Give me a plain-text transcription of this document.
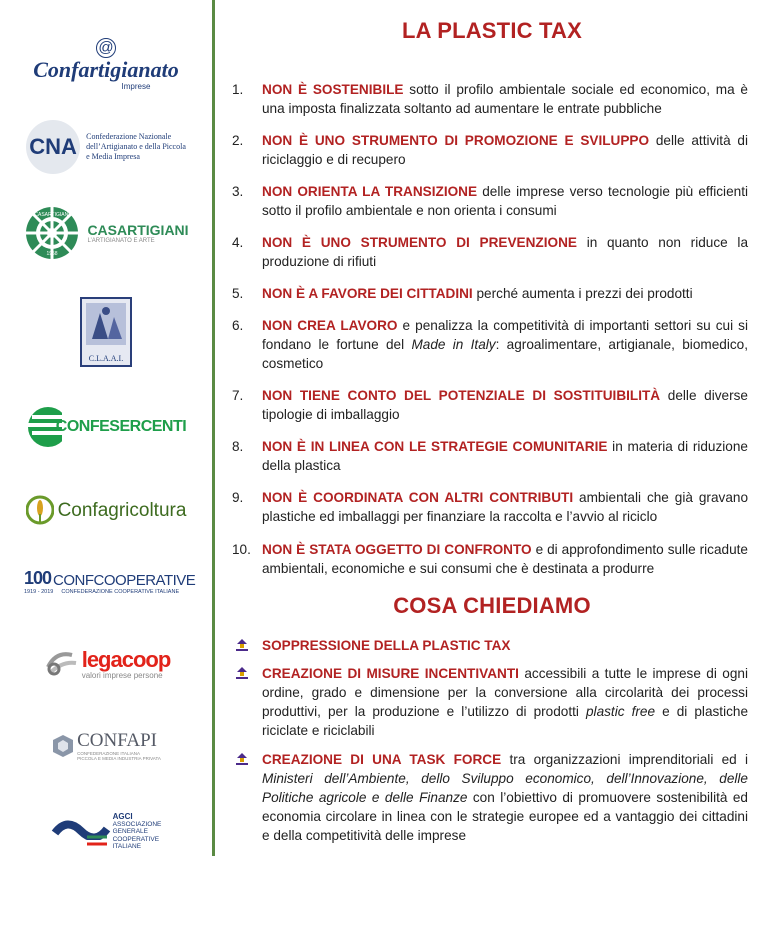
@
Confartigianato
Imprese
CNA Confederazione Nazionale
dell’Artigianato e della Piccola
e Media Impresa
CASARTIGIANI
1958
CASARTIGIANI
L’ARTIGIANATO E ARTE
C.L.A.A.I.
CONFESERCENTI
Confagricoltura
100 CONFCOOPERATIVE
1919 - 2019 CONFEDERAZIONE COOPERATIVE ITALIANE
legacoop
valori imprese persone
CONFAPI
CONFEDERAZIONE ITALIANA
PICCOLA E MEDIA INDUSTRIA PRIVATA
AGCI
ASSOCIAZIONE
GENERALE
COOPERATIVE
ITALIANE
LA PLASTIC TAX
1.	NON È SOSTENIBILE sotto il profilo ambientale sociale ed economico, ma è una imposta finalizzata soltanto ad aumentare le entrate pubbliche
2.	NON È UNO STRUMENTO DI PROMOZIONE E SVILUPPO delle attività di riciclaggio e di recupero
3.	NON ORIENTA LA TRANSIZIONE delle imprese verso tecnologie più efficienti sotto il profilo ambientale e non orienta i consumi
4.	NON È UNO STRUMENTO DI PREVENZIONE in quanto non riduce la produzione di rifiuti
5.	NON È A FAVORE DEI CITTADINI perché aumenta i prezzi dei prodotti
6.	NON CREA LAVORO e penalizza la competitività di importanti settori su cui si fondano le fortune del Made in Italy: agroalimentare, artigianale, biomedico, cosmetico
7.	NON TIENE CONTO DEL POTENZIALE DI SOSTITUIBILITÀ delle diverse tipologie di imballaggio
8.	NON È IN LINEA CON LE STRATEGIE COMUNITARIE in materia di riduzione della plastica
9.	NON È COORDINATA CON ALTRI CONTRIBUTI ambientali che già gravano plastiche ed imballaggi per finanziare la raccolta e l’avvio al riciclo
10. NON È STATA OGGETTO DI CONFRONTO e di approfondimento sulle ricadute ambientali, economiche e sui consumi che è destinata a produrre
COSA CHIEDIAMO
SOPPRESSIONE DELLA PLASTIC TAX
CREAZIONE DI MISURE INCENTIVANTI accessibili a tutte le imprese di ogni ordine, grado e dimensione per la conversione alla circolarità dei processi produttivi, per la produzione e l’utilizzo di prodotti plastic free e di plastiche riciclate e riciclabili
CREAZIONE DI UNA TASK FORCE tra organizzazioni imprenditoriali ed i Ministeri dell’Ambiente, dello Sviluppo economico, dell’Innovazione, delle Politiche agricole e delle Finanze con l’obiettivo di promuovere sostenibilità ed economia circolare in linea con le strategie europee ed a vantaggio dei cittadini e della competitività delle imprese
